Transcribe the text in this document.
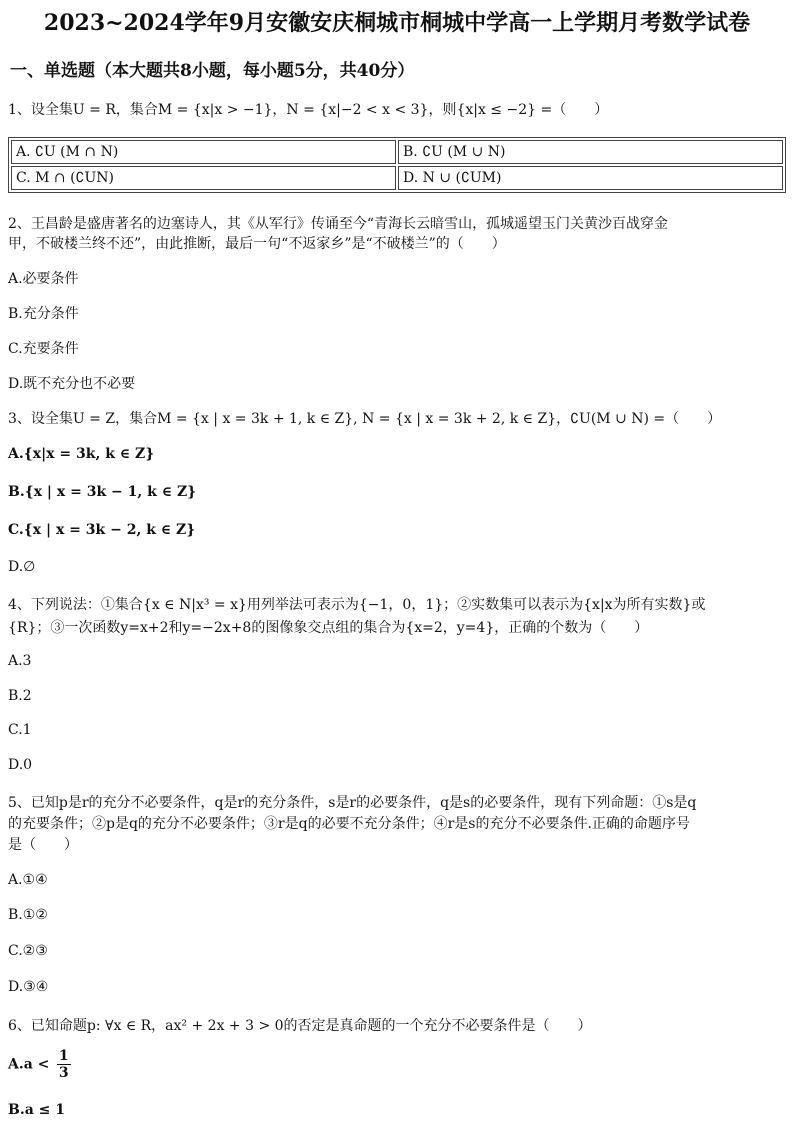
2023~2024学年9月安徽安庆桐城市桐城中学高一上学期月考数学试卷
一、单选题（本大题共8小题，每小题5分，共40分）
1、设全集U = R，集合M = {x|x > −1}，N = {x|−2 < x < 3}，则{x|x ≤ −2} =（　　）
A. ∁U (M ∩ N)	B. ∁U (M ∪ N)
C. M ∩ (∁UN)	D. N ∪ (∁UM)
2、王昌龄是盛唐著名的边塞诗人，其《从军行》传诵至今“青海长云暗雪山，孤城遥望玉门关黄沙百战穿金
甲，不破楼兰终不还”，由此推断，最后一句“不返家乡”是“不破楼兰”的（　　）
A.必要条件
B.充分条件
C.充要条件
D.既不充分也不必要
3、设全集U = Z，集合M = {x | x = 3k + 1, k ∈ Z}, N = {x | x = 3k + 2, k ∈ Z}，∁U(M ∪ N) =（　　）
A.{x|x = 3k, k ∈ Z}
B.{x | x = 3k − 1, k ∈ Z}
C.{x | x = 3k − 2, k ∈ Z}
D.∅
4、下列说法：①集合{x ∈ N|x³ = x}用列举法可表示为{−1，0，1}；②实数集可以表示为{x|x为所有实数}或
{R}；③一次函数y=x+2和y=−2x+8的图像象交点组的集合为{x=2，y=4}，正确的个数为（　　）
A.3
B.2
C.1
D.0
5、已知p是r的充分不必要条件，q是r的充分条件，s是r的必要条件，q是s的必要条件，现有下列命题：①s是q
的充要条件；②p是q的充分不必要条件；③r是q的必要不充分条件；④r是s的充分不必要条件.正确的命题序号
是（　　）
A.①④
B.①②
C.②③
D.③④
6、已知命题p: ∀x ∈ R，ax² + 2x + 3 > 0的否定是真命题的一个充分不必要条件是（　　）
$A.a < \frac{1}{3}$
B.a ≤ 1
